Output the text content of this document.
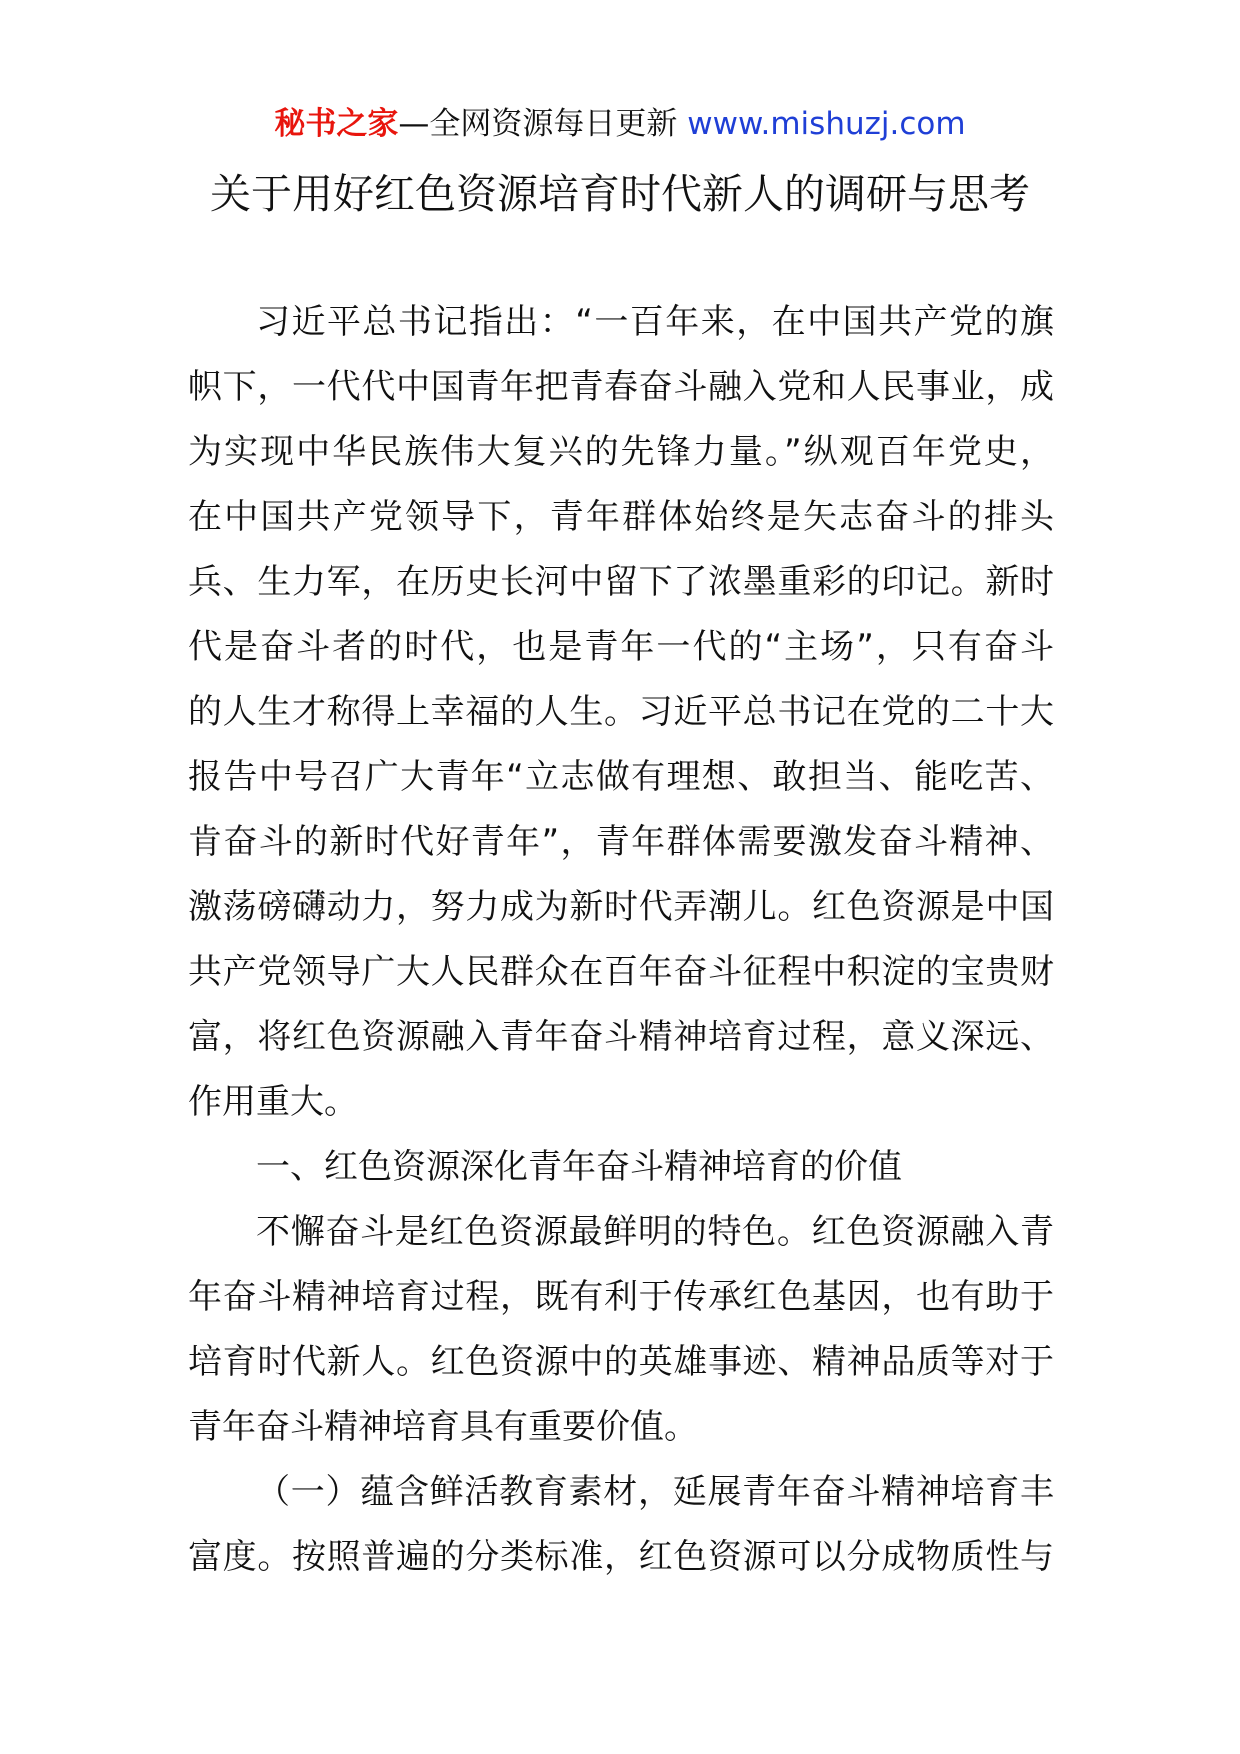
秘书之家—全网资源每日更新 www.mishuzj.com
关于用好红色资源培育时代新人的调研与思考
习近平总书记指出：“一百年来，在中国共产党的旗
帜下，一代代中国青年把青春奋斗融入党和人民事业，成
为实现中华民族伟大复兴的先锋力量。”纵观百年党史，
在中国共产党领导下，青年群体始终是矢志奋斗的排头
兵、生力军，在历史长河中留下了浓墨重彩的印记。新时
代是奋斗者的时代，也是青年一代的“主场”，只有奋斗
的人生才称得上幸福的人生。习近平总书记在党的二十大
报告中号召广大青年“立志做有理想、敢担当、能吃苦、
肯奋斗的新时代好青年”，青年群体需要激发奋斗精神、
激荡磅礴动力，努力成为新时代弄潮儿。红色资源是中国
共产党领导广大人民群众在百年奋斗征程中积淀的宝贵财
富，将红色资源融入青年奋斗精神培育过程，意义深远、
作用重大。
一、红色资源深化青年奋斗精神培育的价值
不懈奋斗是红色资源最鲜明的特色。红色资源融入青
年奋斗精神培育过程，既有利于传承红色基因，也有助于
培育时代新人。红色资源中的英雄事迹、精神品质等对于
青年奋斗精神培育具有重要价值。
（一）蕴含鲜活教育素材，延展青年奋斗精神培育丰
富度。按照普遍的分类标准，红色资源可以分成物质性与
